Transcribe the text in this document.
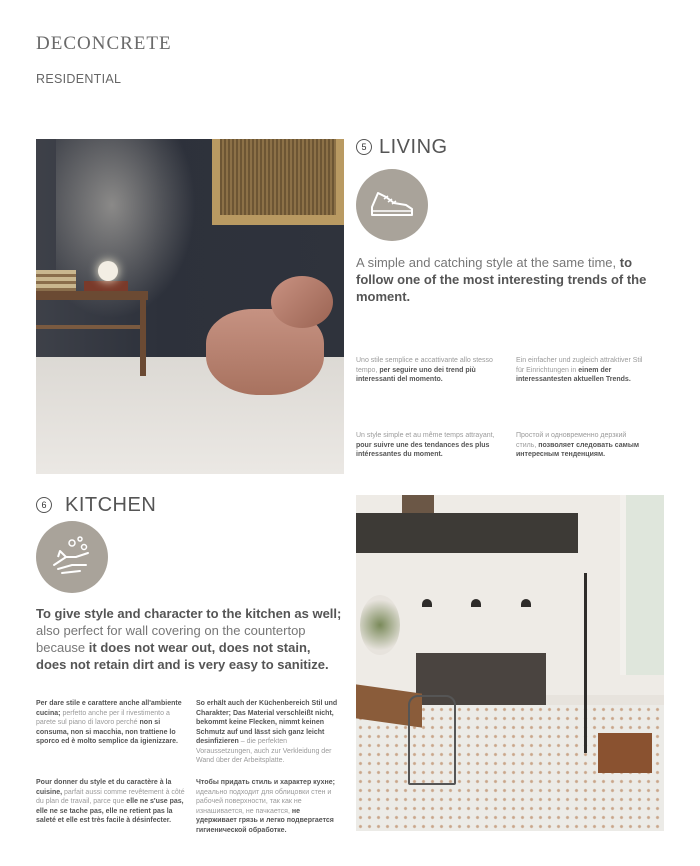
DECONCRETE
RESIDENTIAL
5 LIVING
A simple and catching style at the same time, to follow one of the most interesting trends of the moment.
Uno stile semplice e accattivante allo stesso tempo, per seguire uno dei trend più interessanti del momento.
Ein einfacher und zugleich attraktiver Stil für Einrichtungen in einem der interessantesten aktuellen Trends.
Un style simple et au même temps attrayant, pour suivre une des tendances des plus intéressantes du moment.
Простой и одновременно дерзкий стиль, позволяет следовать самым интересным тенденциям.
6 KITCHEN
To give style and character to the kitchen as well; also perfect for wall covering on the countertop because it does not wear out, does not stain, does not retain dirt and is very easy to sanitize.
Per dare stile e carattere anche all'ambiente cucina; perfetto anche per il rivestimento a parete sul piano di lavoro perché non si consuma, non si macchia, non trattiene lo sporco ed è molto semplice da igienizzare.
So erhält auch der Küchenbereich Stil und Charakter; Das Material verschleißt nicht, bekommt keine Flecken, nimmt keinen Schmutz auf und lässt sich ganz leicht desinfizieren – die perfekten Voraussetzungen, auch zur Verkleidung der Wand über der Arbeitsplatte.
Pour donner du style et du caractère à la cuisine, parfait aussi comme revêtement à côté du plan de travail, parce que elle ne s'use pas, elle ne se tache pas, elle ne retient pas la saleté et elle est très facile à désinfecter.
Чтобы придать стиль и характер кухне; идеально подходит для облицовки стен и рабочей поверхности, так как не изнашивается, не пачкается, не удерживает грязь и легко подвергается гигиенической обработке.
